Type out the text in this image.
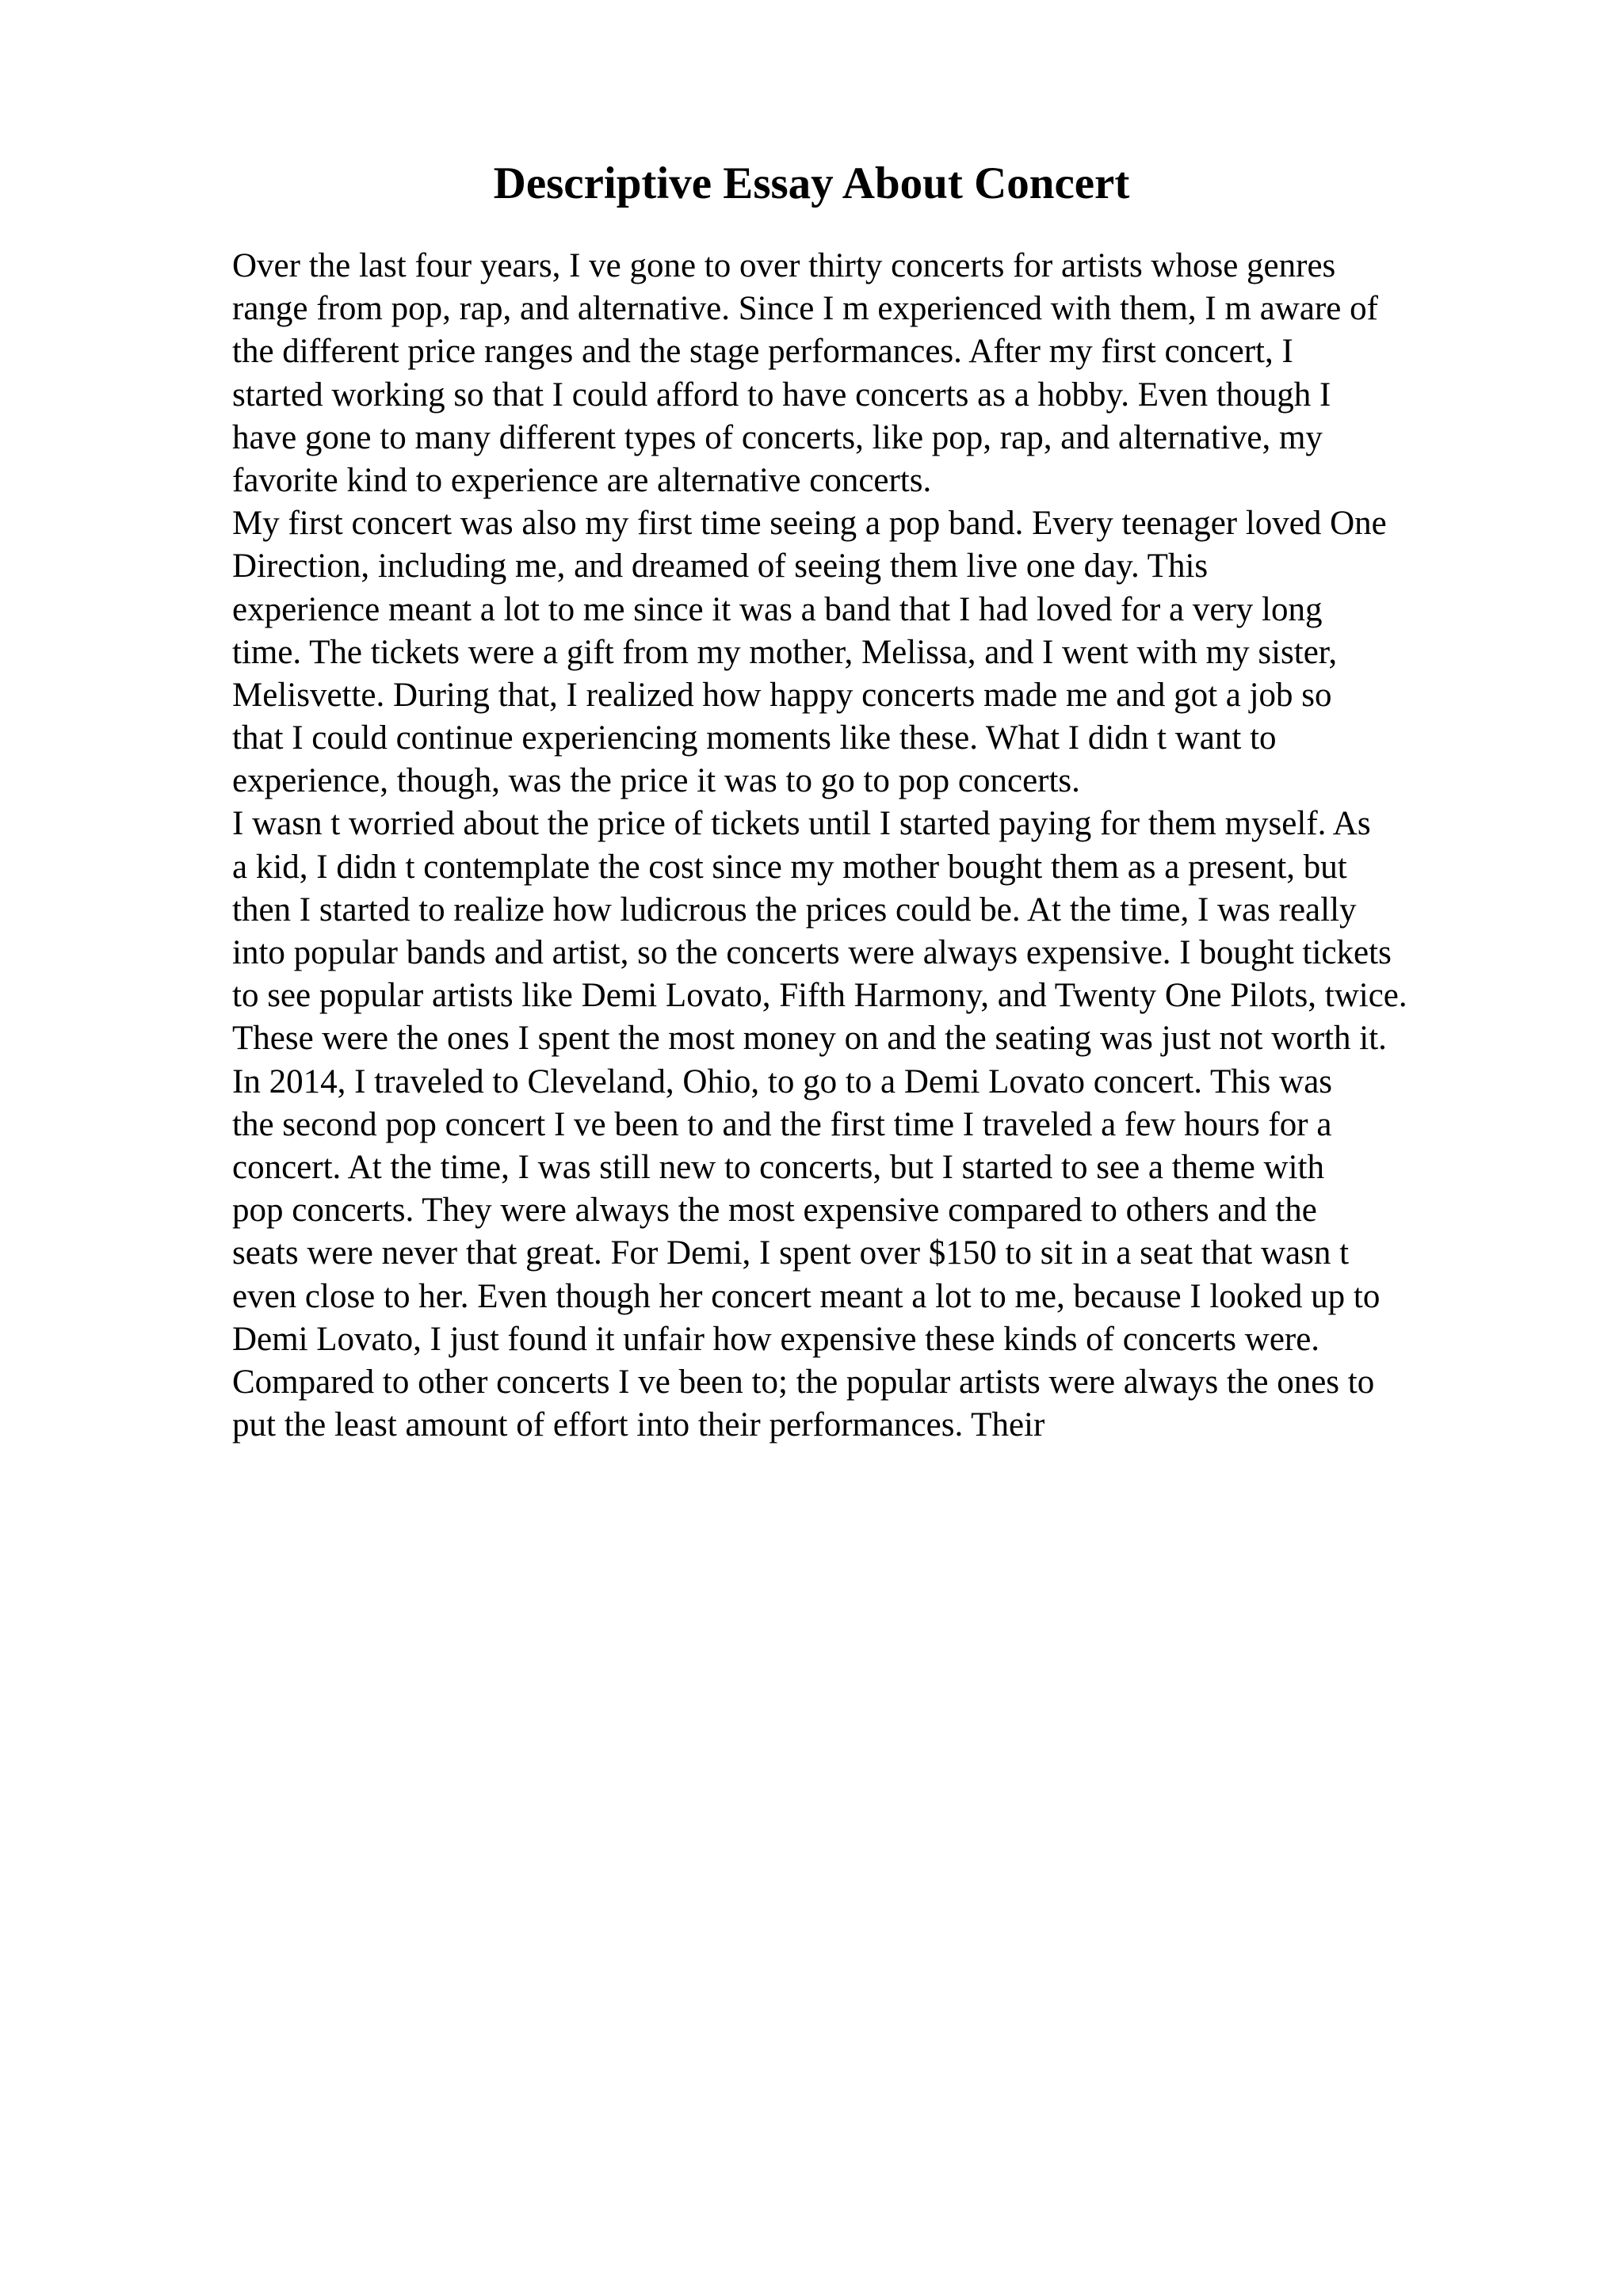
Descriptive Essay About Concert
Over the last four years, I ve gone to over thirty concerts for artists whose genres
range from pop, rap, and alternative. Since I m experienced with them, I m aware of
the different price ranges and the stage performances. After my first concert, I
started working so that I could afford to have concerts as a hobby. Even though I
have gone to many different types of concerts, like pop, rap, and alternative, my
favorite kind to experience are alternative concerts.
My first concert was also my first time seeing a pop band. Every teenager loved One
Direction, including me, and dreamed of seeing them live one day. This
experience meant a lot to me since it was a band that I had loved for a very long
time. The tickets were a gift from my mother, Melissa, and I went with my sister,
Melisvette. During that, I realized how happy concerts made me and got a job so
that I could continue experiencing moments like these. What I didn t want to
experience, though, was the price it was to go to pop concerts.
I wasn t worried about the price of tickets until I started paying for them myself. As
a kid, I didn t contemplate the cost since my mother bought them as a present, but
then I started to realize how ludicrous the prices could be. At the time, I was really
into popular bands and artist, so the concerts were always expensive. I bought tickets
to see popular artists like Demi Lovato, Fifth Harmony, and Twenty One Pilots, twice.
These were the ones I spent the most money on and the seating was just not worth it.
In 2014, I traveled to Cleveland, Ohio, to go to a Demi Lovato concert. This was
the second pop concert I ve been to and the first time I traveled a few hours for a
concert. At the time, I was still new to concerts, but I started to see a theme with
pop concerts. They were always the most expensive compared to others and the
seats were never that great. For Demi, I spent over $150 to sit in a seat that wasn t
even close to her. Even though her concert meant a lot to me, because I looked up to
Demi Lovato, I just found it unfair how expensive these kinds of concerts were.
Compared to other concerts I ve been to; the popular artists were always the ones to
put the least amount of effort into their performances. Their
